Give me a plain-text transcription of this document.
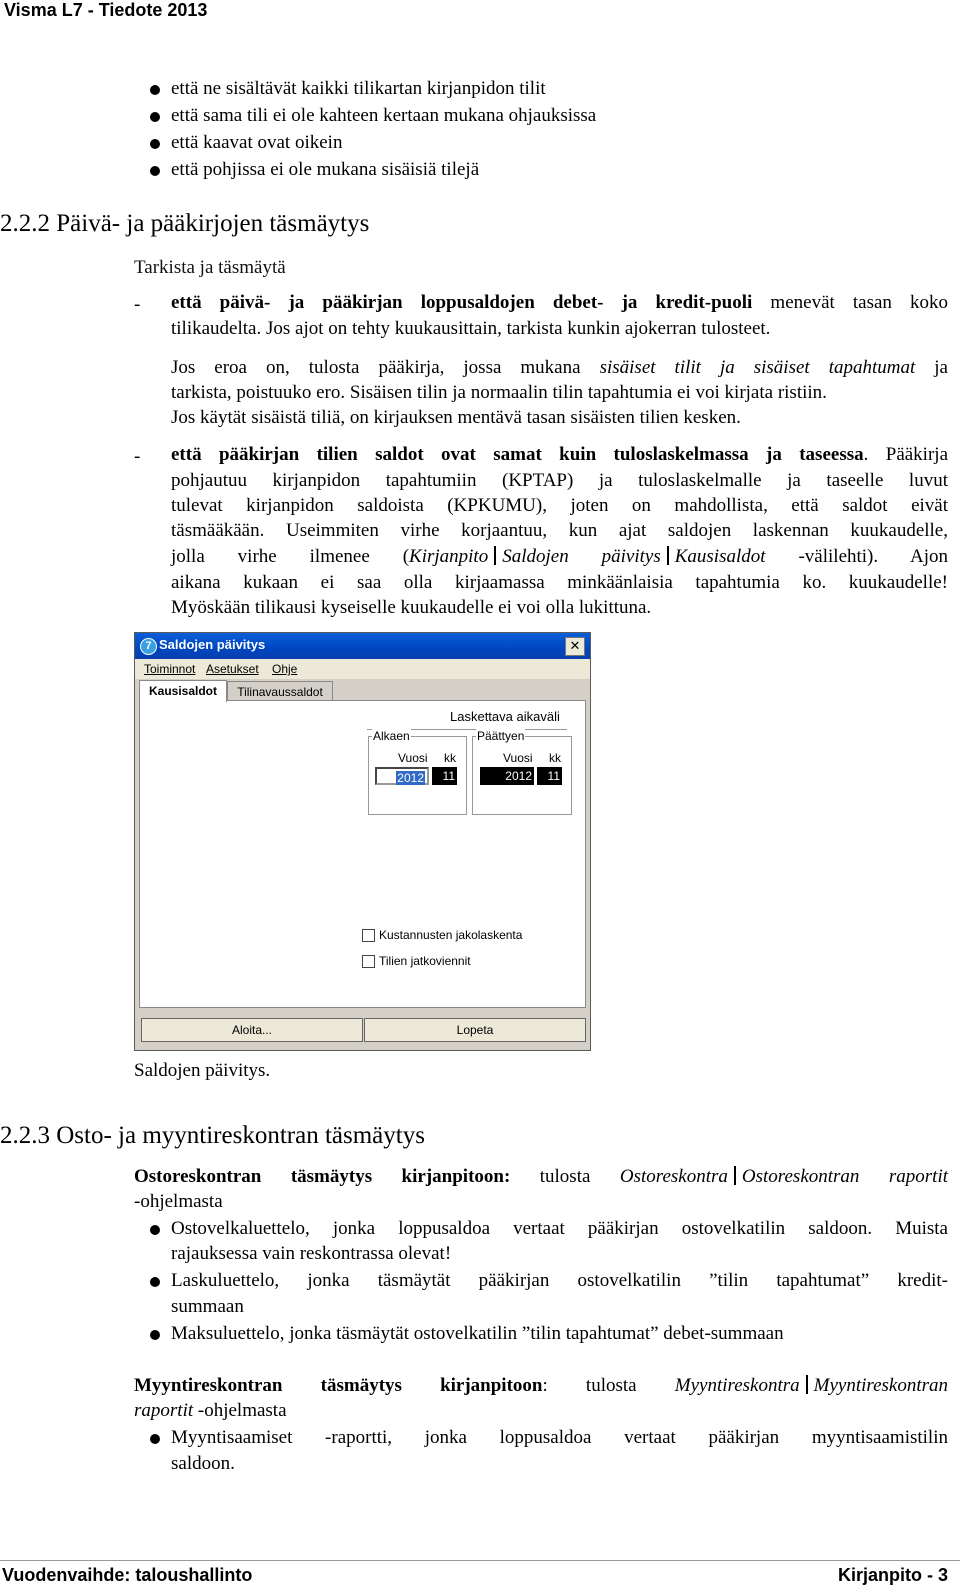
Visma L7 - Tiedote 2013
että ne sisältävät kaikki tilikartan kirjanpidon tilit
että sama tili ei ole kahteen kertaan mukana ohjauksissa
että kaavat ovat oikein
että pohjissa ei ole mukana sisäisiä tilejä
2.2.2 Päivä- ja pääkirjojen täsmäytys
Tarkista ja täsmäytä
- että päivä- ja pääkirjan loppusaldojen debet- ja kredit-puoli menevät tasan koko
tilikaudelta. Jos ajot on tehty kuukausittain, tarkista kunkin ajokerran tulosteet.
Jos eroa on, tulosta pääkirja, jossa mukana sisäiset tilit ja sisäiset tapahtumat ja
tarkista, poistuuko ero. Sisäisen tilin ja normaalin tilin tapahtumia ei voi kirjata ristiin.
Jos käytät sisäistä tiliä, on kirjauksen mentävä tasan sisäisten tilien kesken.
- että pääkirjan tilien saldot ovat samat kuin tuloslaskelmassa ja taseessa. Pääkirja
pohjautuu kirjanpidon tapahtumiin (KPTAP) ja tuloslaskelmalle ja taseelle luvut
tulevat kirjanpidon saldoista (KPKUMU), joten on mahdollista, että saldot eivät
täsmääkään. Useimmiten virhe korjaantuu, kun ajat saldojen laskennan kuukaudelle,
jolla virhe ilmenee (Kirjanpito Saldojen päivitys Kausisaldot -välilehti). Ajon
aikana kukaan ei saa olla kirjaamassa minkäänlaisia tapahtumia ko. kuukaudelle!
Myöskään tilikausi kyseiselle kuukaudelle ei voi olla lukittuna.
7 Saldojen päivitys	✕
Toiminnot Asetukset Ohje
Kausisaldot	Tilinavaussaldot
Laskettava aikaväli
Alkaen
Vuosi kk
2012	11
Päättyen
Vuosi kk
2012	11
Kustannusten jakolaskenta
Tilien jatkoviennit
Aloita...	Lopeta
Saldojen päivitys.
2.2.3 Osto- ja myyntireskontran täsmäytys
Ostoreskontran täsmäytys kirjanpitoon: tulosta Ostoreskontra Ostoreskontran raportit
-ohjelmasta
Ostovelkaluettelo, jonka loppusaldoa vertaat pääkirjan ostovelkatilin saldoon. Muista
rajauksessa vain reskontrassa olevat!
Laskuluettelo, jonka täsmäytät pääkirjan ostovelkatilin ”tilin tapahtumat” kredit-
summaan
Maksuluettelo, jonka täsmäytät ostovelkatilin ”tilin tapahtumat” debet-summaan
Myyntireskontran täsmäytys kirjanpitoon: tulosta Myyntireskontra Myyntireskontran
raportit -ohjelmasta
Myyntisaamiset -raportti, jonka loppusaldoa vertaat pääkirjan myyntisaamistilin
saldoon.
Vuodenvaihde: taloushallinto	Kirjanpito - 3
